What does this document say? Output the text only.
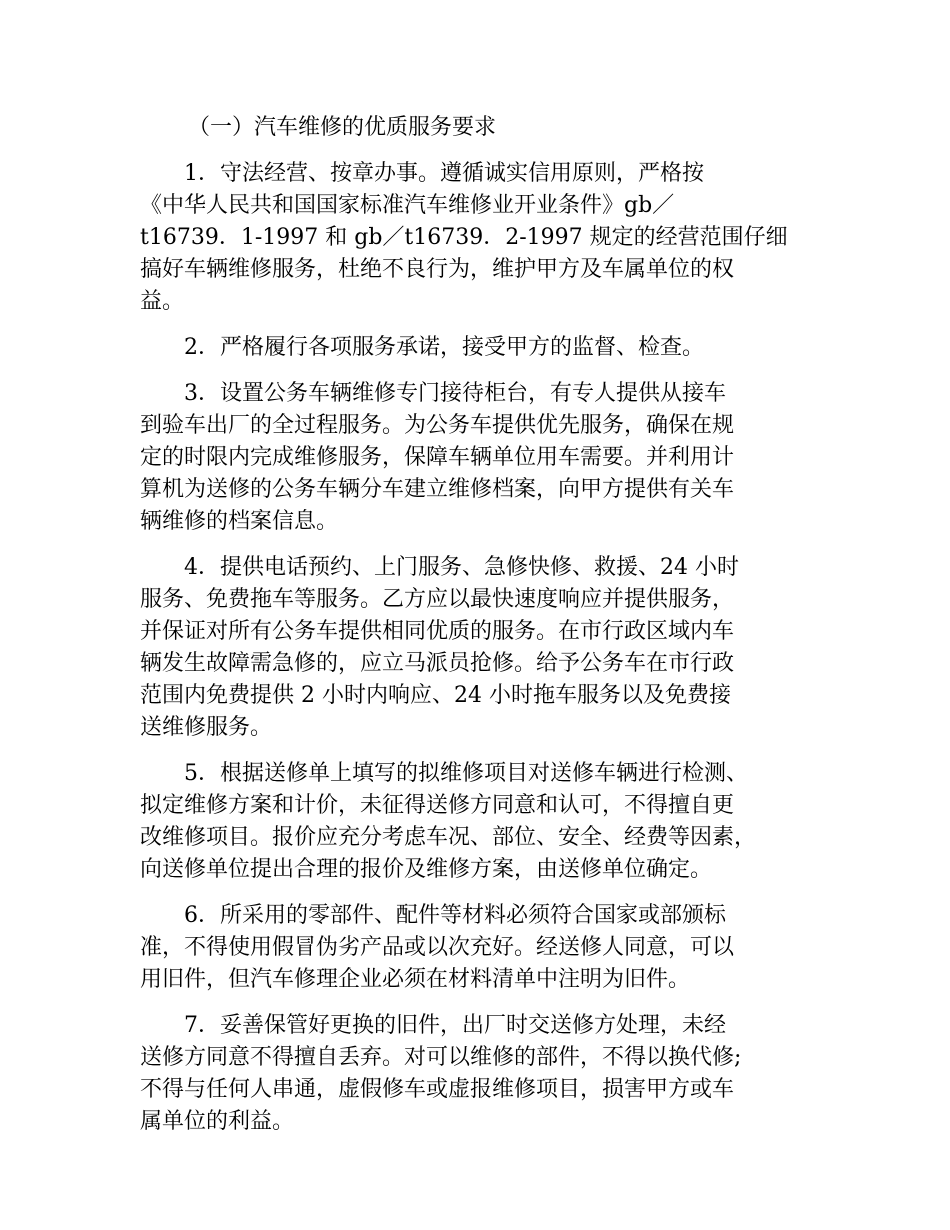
（一）汽车维修的优质服务要求
1．守法经营、按章办事。遵循诚实信用原则，严格按
《中华人民共和国国家标准汽车维修业开业条件》gb／
t16739．1-1997 和 gb／t16739．2-1997 规定的经营范围仔细
搞好车辆维修服务，杜绝不良行为，维护甲方及车属单位的权
益。
2．严格履行各项服务承诺，接受甲方的监督、检查。
3．设置公务车辆维修专门接待柜台，有专人提供从接车
到验车出厂的全过程服务。为公务车提供优先服务，确保在规
定的时限内完成维修服务，保障车辆单位用车需要。并利用计
算机为送修的公务车辆分车建立维修档案，向甲方提供有关车
辆维修的档案信息。
4．提供电话预约、上门服务、急修快修、救援、24 小时
服务、免费拖车等服务。乙方应以最快速度响应并提供服务，
并保证对所有公务车提供相同优质的服务。在市行政区域内车
辆发生故障需急修的，应立马派员抢修。给予公务车在市行政
范围内免费提供 2 小时内响应、24 小时拖车服务以及免费接
送维修服务。
5．根据送修单上填写的拟维修项目对送修车辆进行检测、
拟定维修方案和计价，未征得送修方同意和认可，不得擅自更
改维修项目。报价应充分考虑车况、部位、安全、经费等因素，
向送修单位提出合理的报价及维修方案，由送修单位确定。
6．所采用的零部件、配件等材料必须符合国家或部颁标
准，不得使用假冒伪劣产品或以次充好。经送修人同意，可以
用旧件，但汽车修理企业必须在材料清单中注明为旧件。
7．妥善保管好更换的旧件，出厂时交送修方处理，未经
送修方同意不得擅自丢弃。对可以维修的部件，不得以换代修;
不得与任何人串通，虚假修车或虚报维修项目，损害甲方或车
属单位的利益。
